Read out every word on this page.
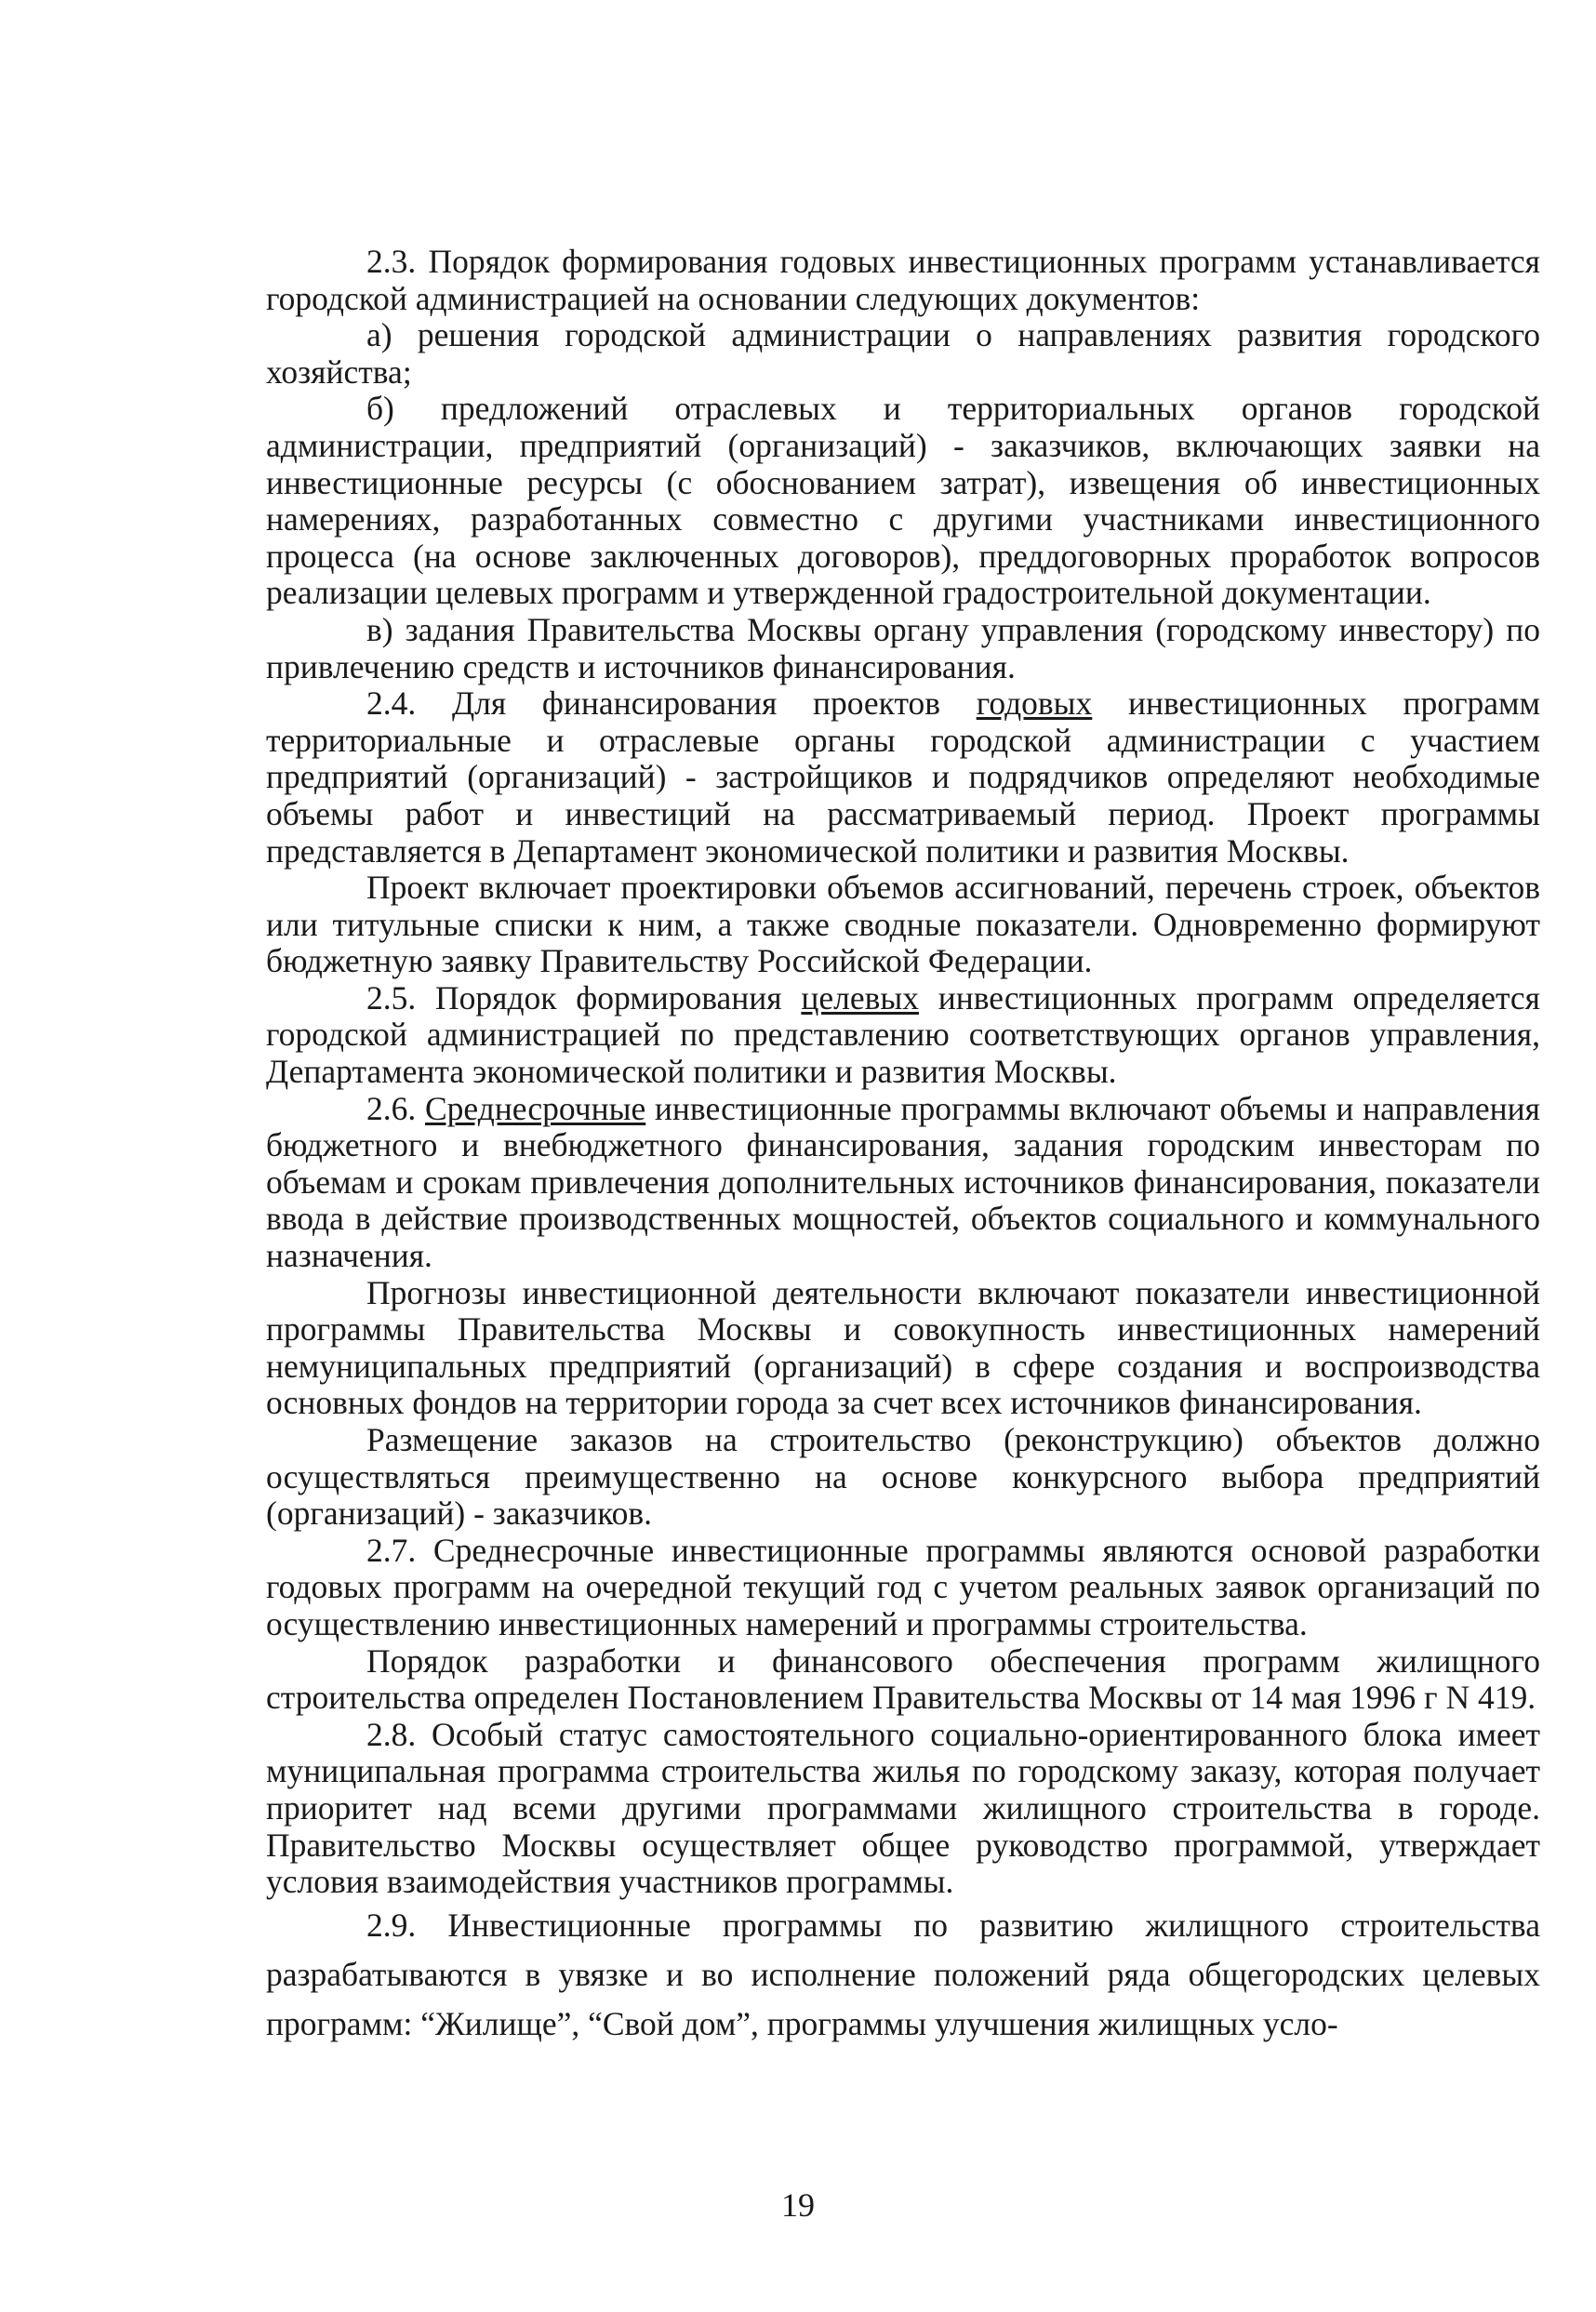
2.3. Порядок формирования годовых инвестиционных программ устанавливается городской администрацией на основании следующих документов:

а) решения городской администрации о направлениях развития городского хозяйства;

б) предложений отраслевых и территориальных органов городской администрации, предприятий (организаций) - заказчиков, включающих заявки на инвестиционные ресурсы (с обоснованием затрат), извещения об инвестиционных намерениях, разработанных совместно с другими участниками инвестиционного процесса (на основе заключенных договоров), преддоговорных проработок вопросов реализации целевых программ и утвержденной градостроительной документации.

в) задания Правительства Москвы органу управления (городскому инвестору) по привлечению средств и источников финансирования.

2.4. Для финансирования проектов годовых инвестиционных программ территориальные и отраслевые органы городской администрации с участием предприятий (организаций) - застройщиков и подрядчиков определяют необходимые объемы работ и инвестиций на рассматриваемый период. Проект программы представляется в Департамент экономической политики и развития Москвы.

Проект включает проектировки объемов ассигнований, перечень строек, объектов или титульные списки к ним, а также сводные показатели. Одновременно формируют бюджетную заявку Правительству Российской Федерации.

2.5. Порядок формирования целевых инвестиционных программ определяется городской администрацией по представлению соответствующих органов управления, Департамента экономической политики и развития Москвы.

2.6. Среднесрочные инвестиционные программы включают объемы и направления бюджетного и внебюджетного финансирования, задания городским инвесторам по объемам и срокам привлечения дополнительных источников финансирования, показатели ввода в действие производственных мощностей, объектов социального и коммунального назначения.

Прогнозы инвестиционной деятельности включают показатели инвестиционной программы Правительства Москвы и совокупность инвестиционных намерений немуниципальных предприятий (организаций) в сфере создания и воспроизводства основных фондов на территории города за счет всех источников финансирования.

Размещение заказов на строительство (реконструкцию) объектов должно осуществляться преимущественно на основе конкурсного выбора предприятий (организаций) - заказчиков.

2.7. Среднесрочные инвестиционные программы являются основой разработки годовых программ на очередной текущий год с учетом реальных заявок организаций по осуществлению инвестиционных намерений и программы строительства.

Порядок разработки и финансового обеспечения программ жилищного строительства определен Постановлением Правительства Москвы от 14 мая 1996 г N 419.

2.8. Особый статус самостоятельного социально-ориентированного блока имеет муниципальная программа строительства жилья по городскому заказу, которая получает приоритет над всеми другими программами жилищного строительства в городе. Правительство Москвы осуществляет общее руководство программой, утверждает условия взаимодействия участников программы.

2.9. Инвестиционные программы по развитию жилищного строительства разрабатываются в увязке и во исполнение положений ряда общегородских целевых программ: “Жилище”, “Свой дом”, программы улучшения жилищных усло-

19
